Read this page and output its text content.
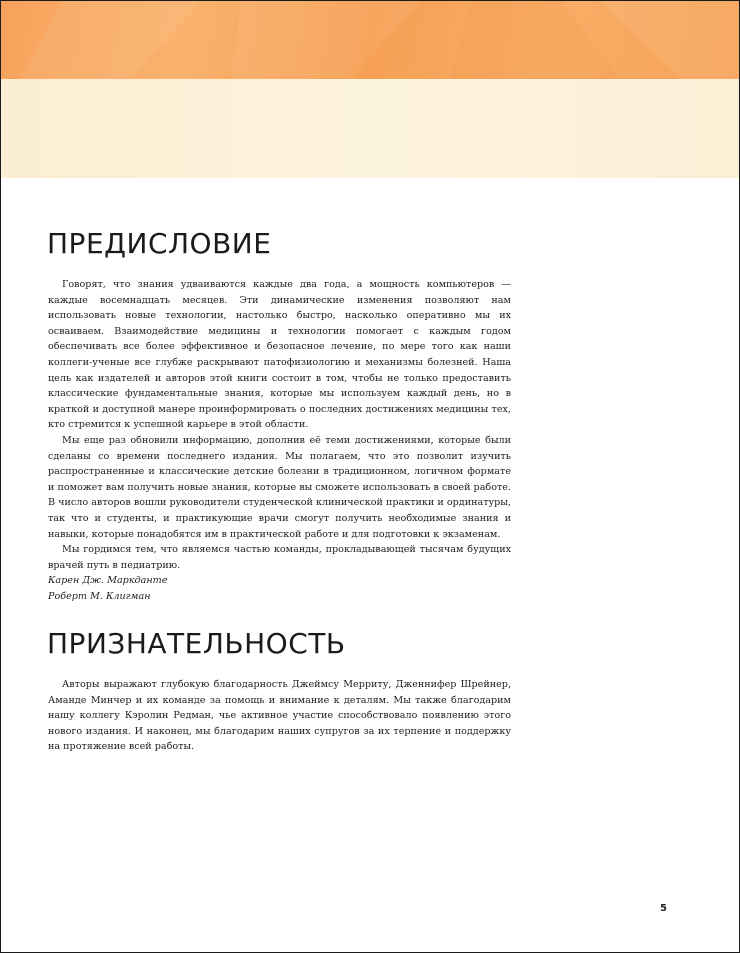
ПРЕДИСЛОВИЕ

Говорят, что знания удваиваются каждые два года, а мощность компьютеров — каждые восемнадцать месяцев. Эти динамические изменения позволяют нам использовать новые технологии, настолько быстро, насколько оперативно мы их осваиваем. Взаимодействие медицины и технологии помогает с каждым годом обеспечивать все более эффективное и безопасное лечение, по мере того как наши коллеги-ученые все глубже раскрывают патофизиологию и механизмы болезней. Наша цель как издателей и авторов этой книги состоит в том, чтобы не только предоставить классические фундаментальные знания, которые мы используем каждый день, но в краткой и доступной манере проинформировать о последних достижениях медицины тех, кто стремится к успешной карьере в этой области.

Мы еще раз обновили информацию, дополнив её теми достижениями, которые были сделаны со времени последнего издания. Мы полагаем, что это позволит изучить распространенные и классические детские болезни в традиционном, логичном формате и поможет вам получить новые знания, которые вы сможете использовать в своей работе. В число авторов вошли руководители студенческой клинической практики и ординатуры, так что и студенты, и практикующие врачи смогут получить необходимые знания и навыки, которые понадобятся им в практической работе и для подготовки к экзаменам.

Мы гордимся тем, что являемся частью команды, прокладывающей тысячам будущих врачей путь в педиатрию.

Карен Дж. Маркданте

Роберт М. Клигман

ПРИЗНАТЕЛЬНОСТЬ

Авторы выражают глубокую благодарность Джеймсу Мерриту, Дженнифер Шрейнер, Аманде Минчер и их команде за помощь и внимание к деталям. Мы также благодарим нашу коллегу Кэролин Редман, чье активное участие способствовало появлению этого нового издания. И наконец, мы благодарим наших супругов за их терпение и поддержку на протяжение всей работы.

5
